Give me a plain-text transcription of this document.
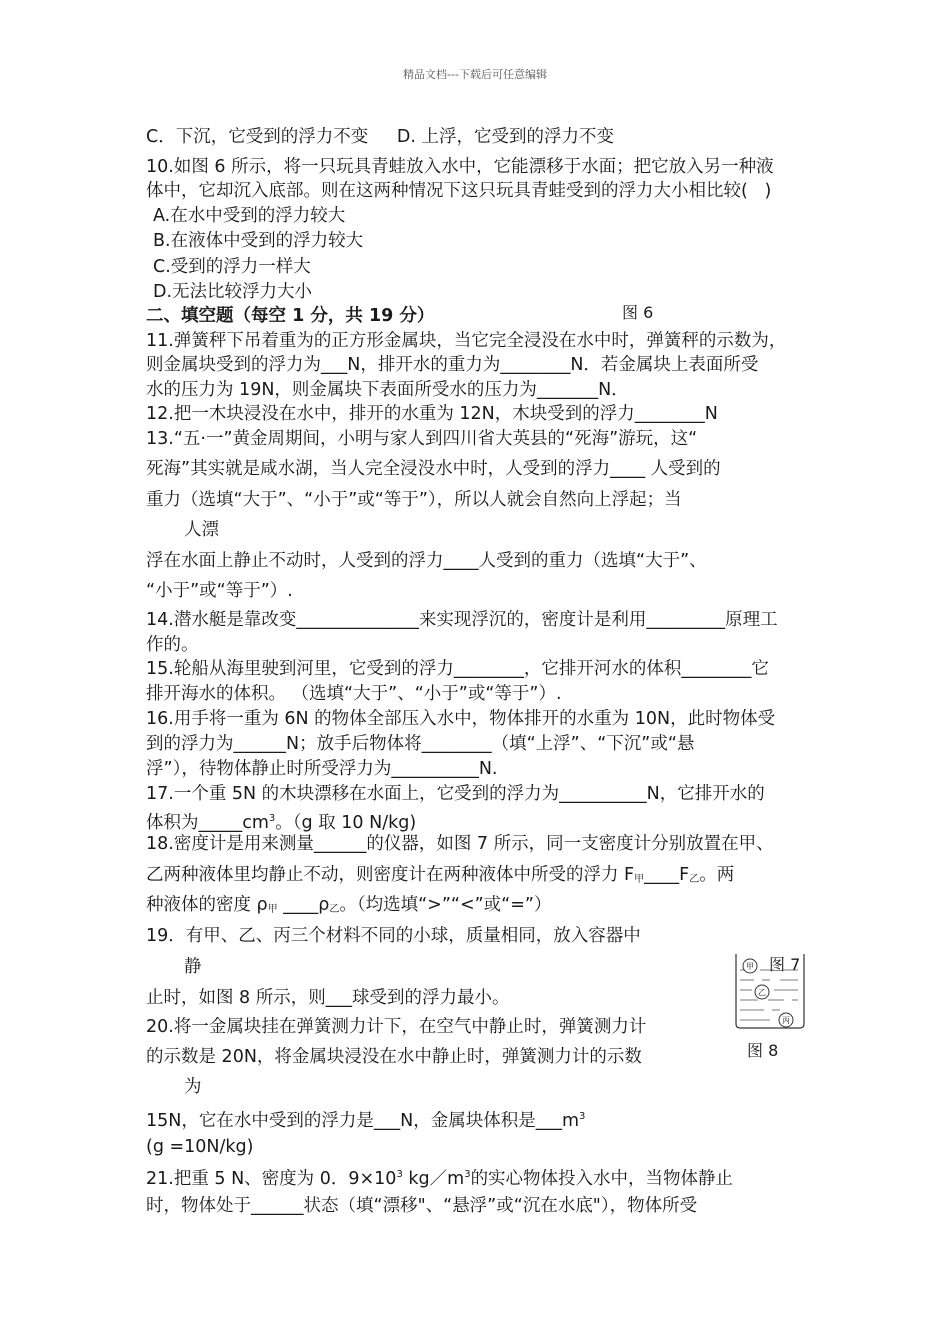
精品文档---下载后可任意编辑
C．下沉，它受到的浮力不变　  D. 上浮，它受到的浮力不变
10.如图 6 所示，将一只玩具青蛙放入水中，它能漂移于水面；把它放入另一种液
体中，它却沉入底部。则在这两种情况下这只玩具青蛙受到的浮力大小相比较(   )
A.在水中受到的浮力较大
B.在液体中受到的浮力较大
C.受到的浮力一样大
D.无法比较浮力大小
二、填空题（每空 1 分，共 19 分）	图 6
11.弹簧秤下吊着重为的正方形金属块，当它完全浸没在水中时，弹簧秤的示数为，
则金属块受到的浮力为___N，排开水的重力为________N．若金属块上表面所受
水的压力为 19N，则金属块下表面所受水的压力为_______N．
12.把一木块浸没在水中，排开的水重为 12N，木块受到的浮力________N
13.“五·一”黄金周期间，小明与家人到四川省大英县的“死海”游玩，这“
死海”其实就是咸水湖，当人完全浸没水中时，人受到的浮力____ 人受到的
重力（选填“大于”、“小于”或“等于”），所以人就会自然向上浮起；当
人漂
浮在水面上静止不动时，人受到的浮力____人受到的重力（选填“大于”、
“小于”或“等于”）.
14.潜水艇是靠改变______________来实现浮沉的，密度计是利用_________原理工
作的。
15.轮船从海里驶到河里，它受到的浮力________，它排开河水的体积________它
排开海水的体积。 （选填“大于”、“小于”或“等于”）.
16.用手将一重为 6N 的物体全部压入水中，物体排开的水重为 10N，此时物体受
到的浮力为______N；放手后物体将________（填“上浮”、“下沉”或“悬
浮”），待物体静止时所受浮力为__________N.
17.一个重 5N 的木块漂移在水面上，它受到的浮力为__________N，它排开水的
体积为$\_\_\_\_\_cm^3$。（g 取 10 N/kg)
18.密度计是用来测量______的仪器，如图 7 所示，同一支密度计分别放置在甲、
乙两种液体里均静止不动，则密度计在两种液体中所受的浮力 $F_甲\_\_\_\_F_乙$。两
种液体的密度 $\rho_甲$ $\_\_\_\_\rho_乙$。（均选填“>”“<”或“=”）
19．有甲、乙、丙三个材料不同的小球，质量相同，放入容器中
静
止时，如图 8 所示，则___球受到的浮力最小。
20.将一金属块挂在弹簧测力计下，在空气中静止时，弹簧测力计
的示数是 20N，将金属块浸没在水中静止时，弹簧测力计的示数
为
15N，它在水中受到的浮力是___N，金属块体积是$\_\_\_m^3$
(g =10N/kg)
21.把重 5 N、密度为 0．$9\times 10^3$ $kg/m^3$的实心物体投入水中，当物体静止
时，物体处于______状态（填“漂移"、“悬浮”或“沉在水底"），物体所受
甲
乙
丙
图 7
图 8
